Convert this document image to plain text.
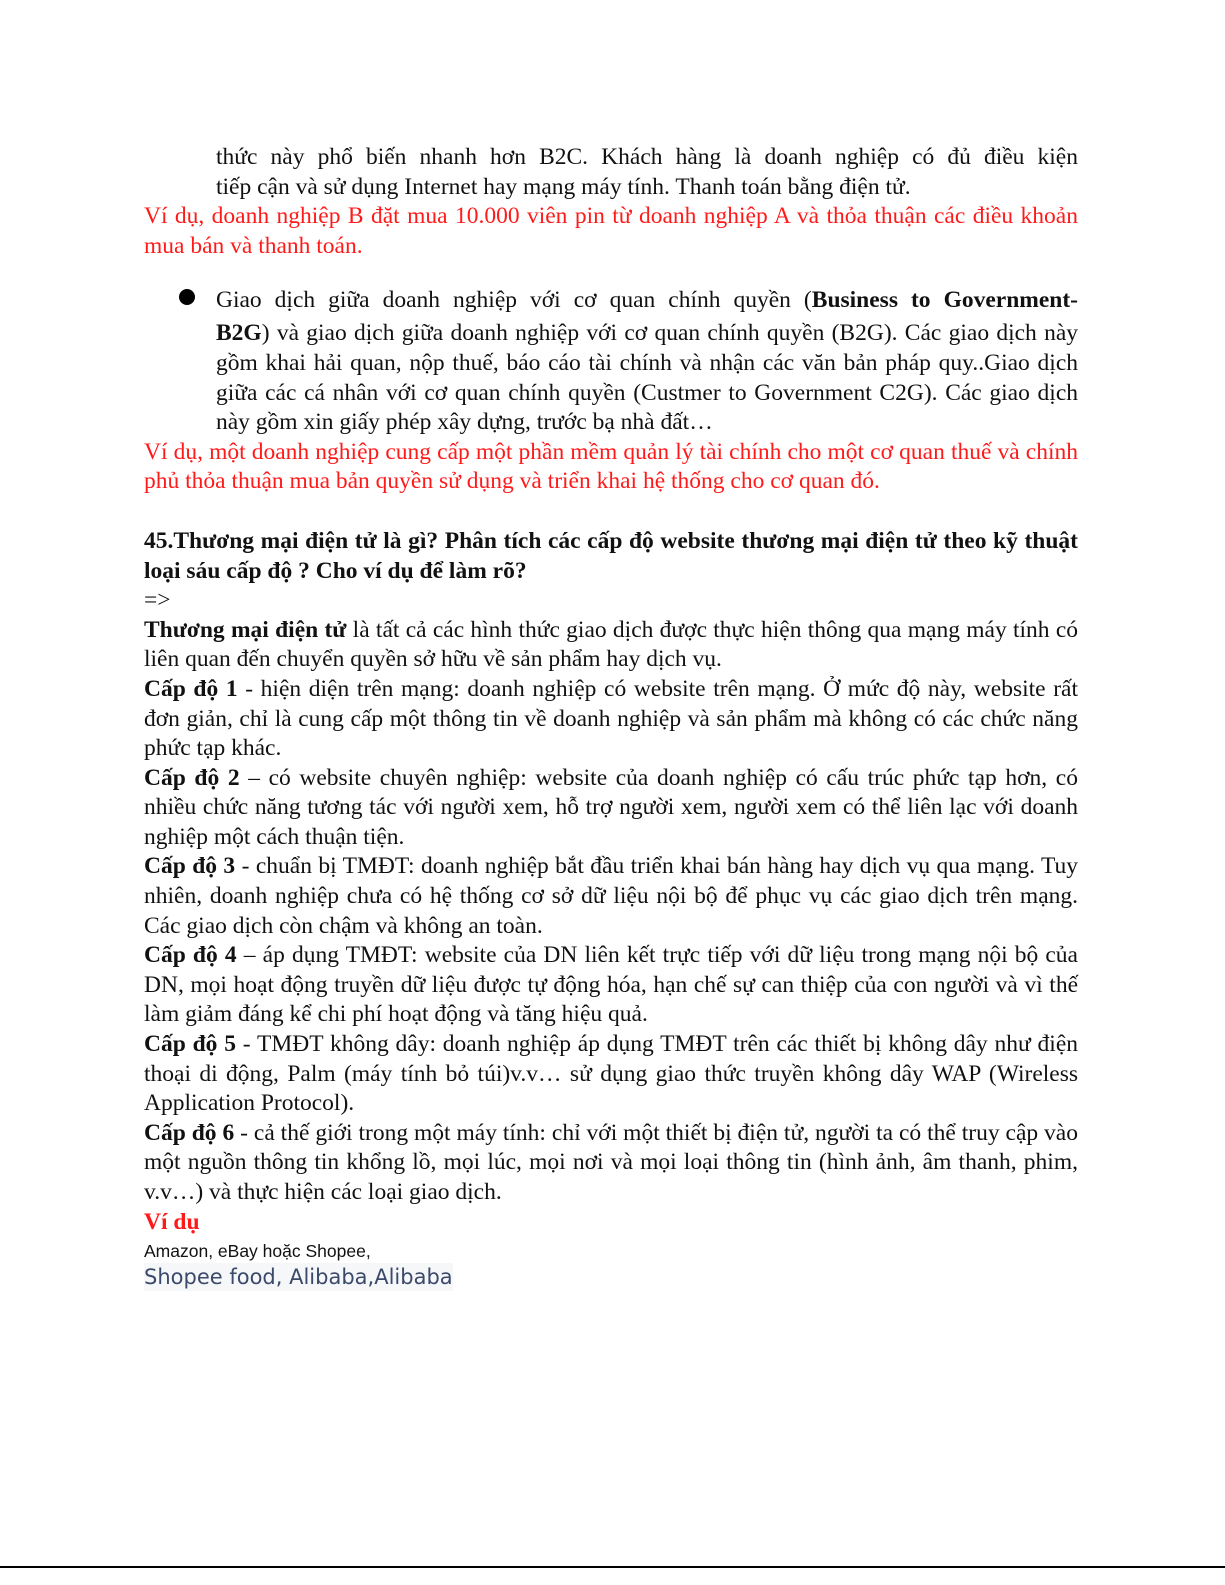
thức này phổ biến nhanh hơn B2C. Khách hàng là doanh nghiệp có đủ điều kiện

tiếp cận và sử dụng Internet hay mạng máy tính. Thanh toán bằng điện tử.

Ví dụ, doanh nghiệp B đặt mua 10.000 viên pin từ doanh nghiệp A và thỏa thuận các điều khoản mua bán và thanh toán.

Giao dịch giữa doanh nghiệp với cơ quan chính quyền (Business to Government-

B2G) và giao dịch giữa doanh nghiệp với cơ quan chính quyền (B2G). Các giao dịch này gồm khai hải quan, nộp thuế, báo cáo tài chính và nhận các văn bản pháp quy..Giao dịch giữa các cá nhân với cơ quan chính quyền (Custmer to Government C2G). Các giao dịch này gồm xin giấy phép xây dựng, trước bạ nhà đất…

Ví dụ, một doanh nghiệp cung cấp một phần mềm quản lý tài chính cho một cơ quan thuế và chính phủ thỏa thuận mua bản quyền sử dụng và triển khai hệ thống cho cơ quan đó.

45.Thương mại điện tử là gì? Phân tích các cấp độ website thương mại điện tử theo kỹ thuật loại sáu cấp độ ? Cho ví dụ để làm rõ?

=>

Thương mại điện tử là tất cả các hình thức giao dịch được thực hiện thông qua mạng máy tính có liên quan đến chuyển quyền sở hữu về sản phẩm hay dịch vụ.

Cấp độ 1 - hiện diện trên mạng: doanh nghiệp có website trên mạng. Ở mức độ này, website rất đơn giản, chỉ là cung cấp một thông tin về doanh nghiệp và sản phẩm mà không có các chức năng phức tạp khác.

Cấp độ 2 – có website chuyên nghiệp: website của doanh nghiệp có cấu trúc phức tạp hơn, có nhiều chức năng tương tác với người xem, hỗ trợ người xem, người xem có thể liên lạc với doanh nghiệp một cách thuận tiện.

Cấp độ 3 - chuẩn bị TMĐT: doanh nghiệp bắt đầu triển khai bán hàng hay dịch vụ qua mạng. Tuy nhiên, doanh nghiệp chưa có hệ thống cơ sở dữ liệu nội bộ để phục vụ các giao dịch trên mạng. Các giao dịch còn chậm và không an toàn.

Cấp độ 4 – áp dụng TMĐT: website của DN liên kết trực tiếp với dữ liệu trong mạng nội bộ của DN, mọi hoạt động truyền dữ liệu được tự động hóa, hạn chế sự can thiệp của con người và vì thế làm giảm đáng kể chi phí hoạt động và tăng hiệu quả.

Cấp độ 5 - TMĐT không dây: doanh nghiệp áp dụng TMĐT trên các thiết bị không dây như điện thoại di động, Palm (máy tính bỏ túi)v.v… sử dụng giao thức truyền không dây WAP (Wireless Application Protocol).

Cấp độ 6 - cả thế giới trong một máy tính: chỉ với một thiết bị điện tử, người ta có thể truy cập vào một nguồn thông tin khổng lồ, mọi lúc, mọi nơi và mọi loại thông tin (hình ảnh, âm thanh, phim, v.v…) và thực hiện các loại giao dịch.

Ví dụ

Amazon, eBay hoặc Shopee,

Shopee food, Alibaba,Alibaba
